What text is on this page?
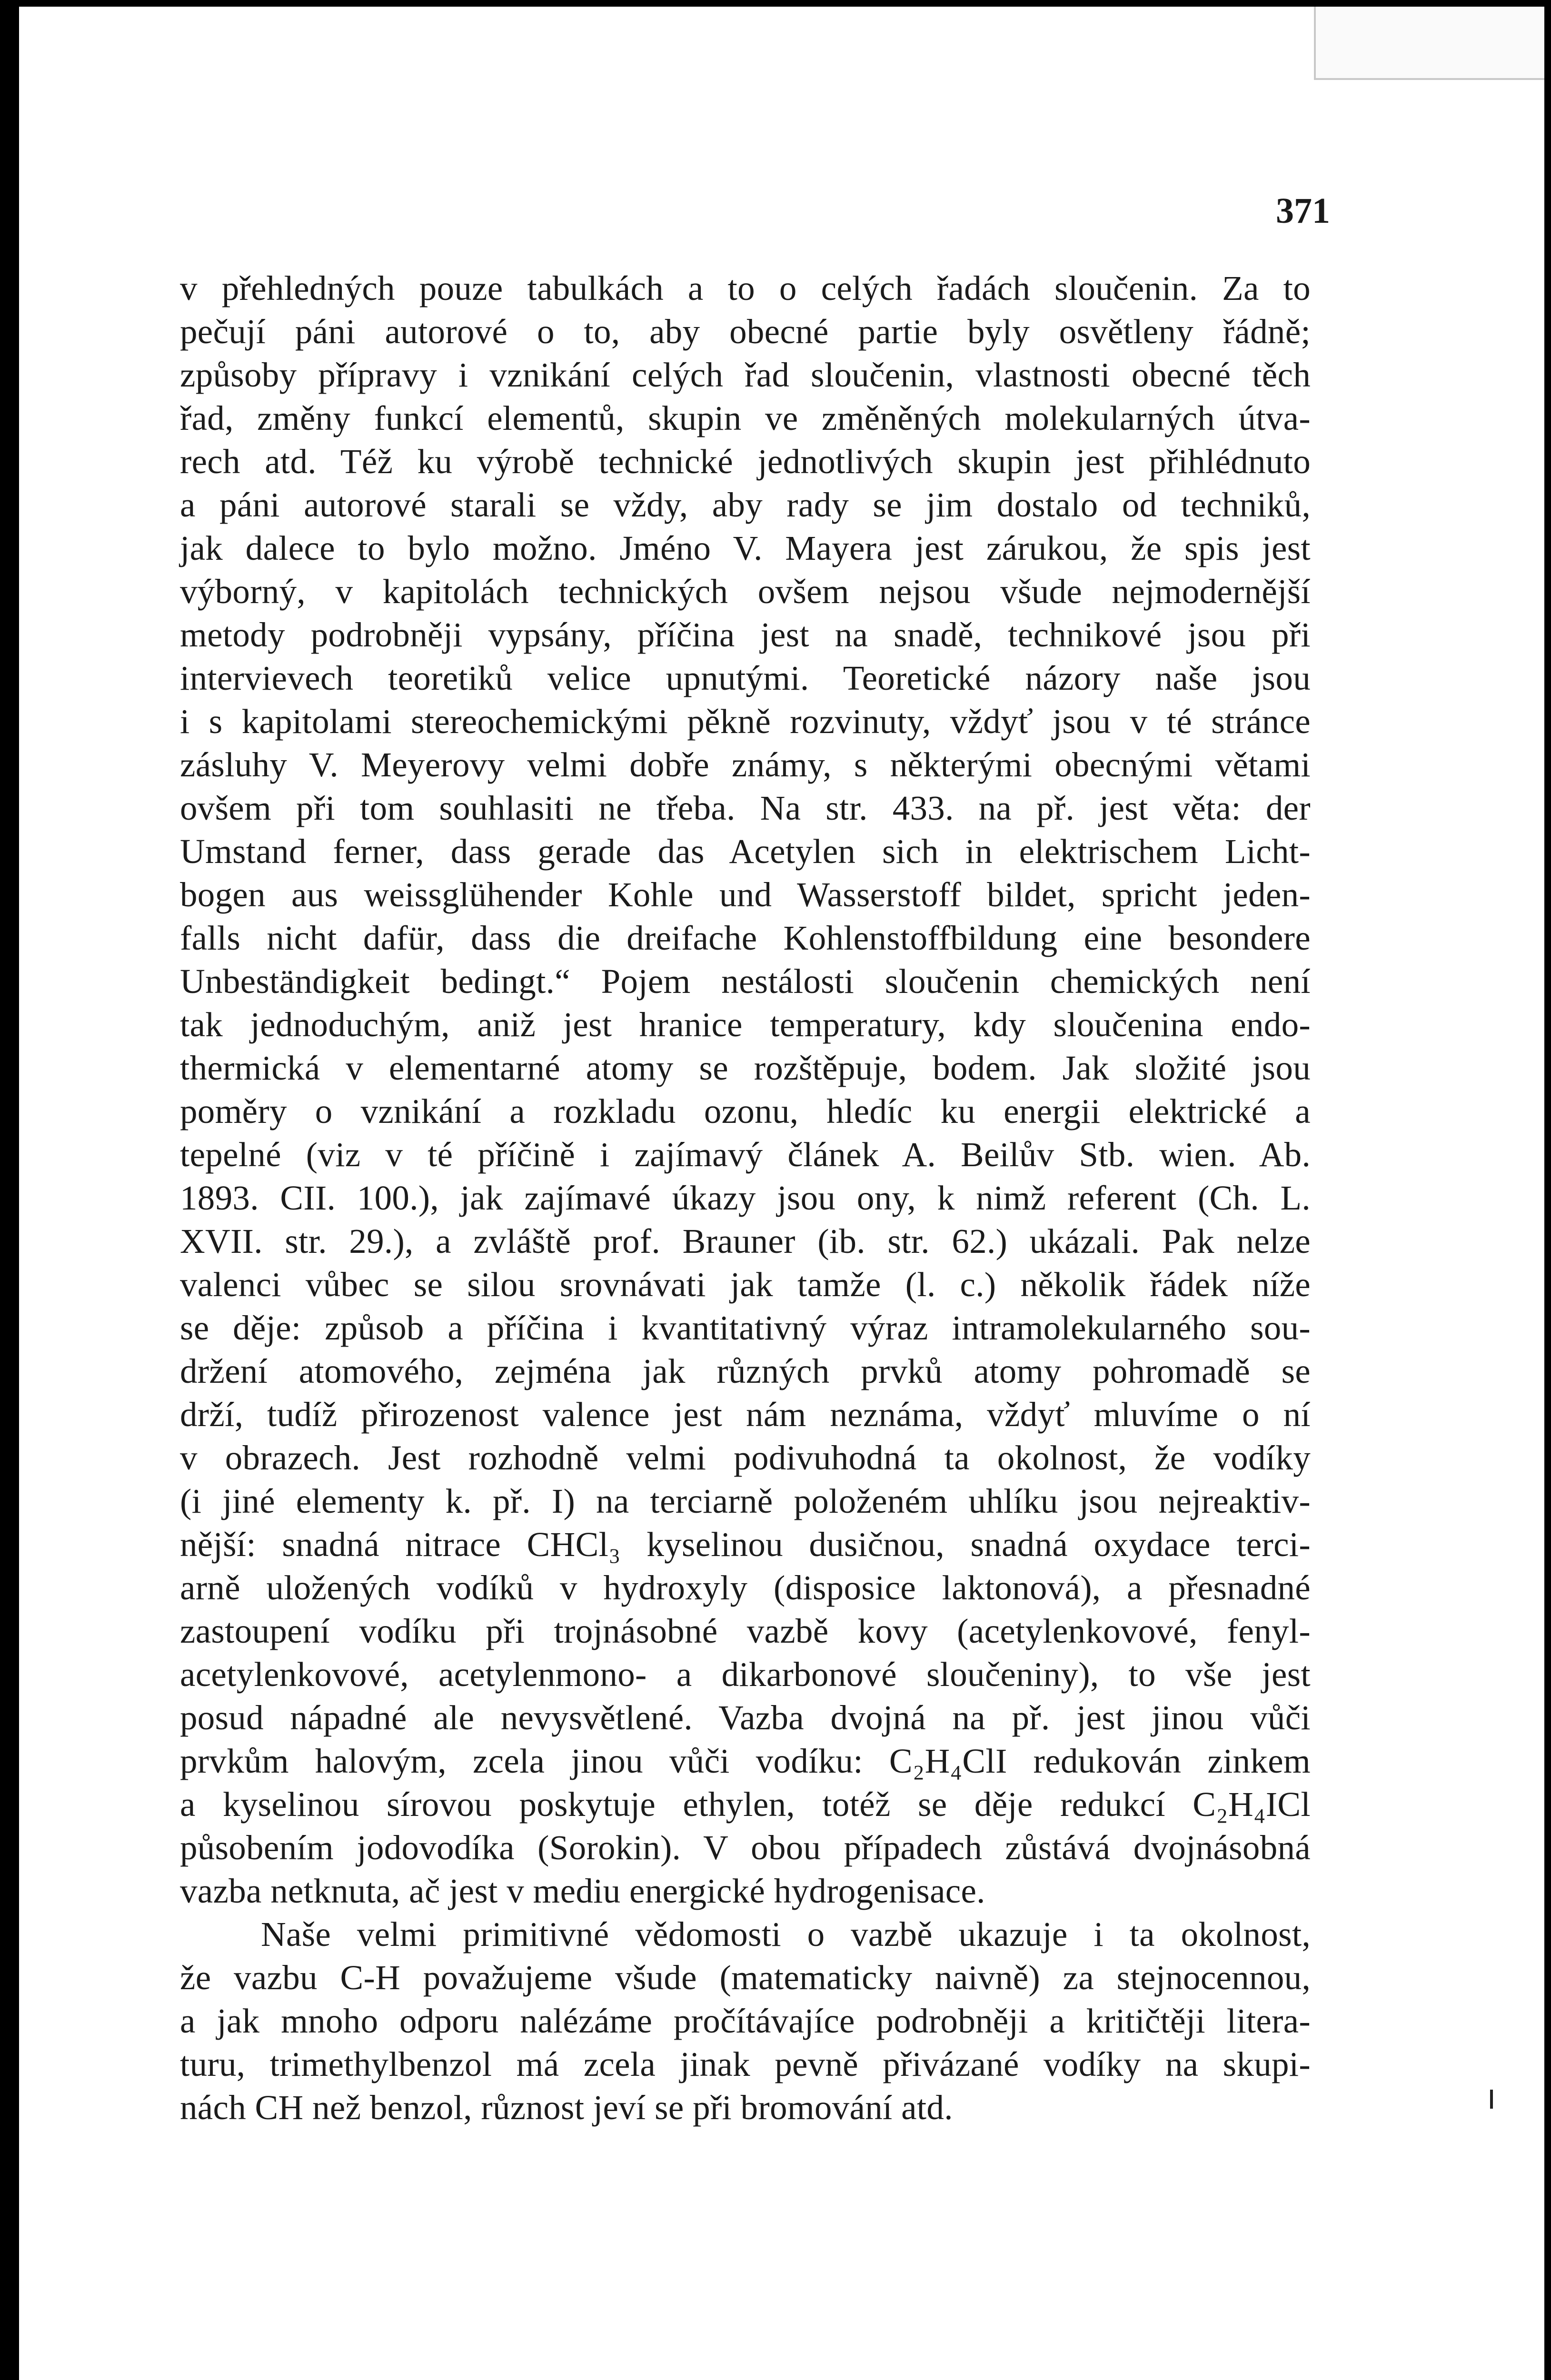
371

v přehledných pouze tabulkách a to o celých řadách sloučenin. Za to

pečují páni autorové o to, aby obecné partie byly osvětleny řádně;

způsoby přípravy i vznikání celých řad sloučenin, vlastnosti obecné těch

řad, změny funkcí elementů, skupin ve změněných molekularných útva-

rech atd. Též ku výrobě technické jednotlivých skupin jest přihlédnuto

a páni autorové starali se vždy, aby rady se jim dostalo od techniků,

jak dalece to bylo možno. Jméno V. Mayera jest zárukou, že spis jest

výborný, v kapitolách technických ovšem nejsou všude nejmodernější

metody podrobněji vypsány, příčina jest na snadě, technikové jsou při

intervievech teoretiků velice upnutými. Teoretické názory naše jsou

i s kapitolami stereochemickými pěkně rozvinuty, vždyť jsou v té stránce

zásluhy V. Meyerovy velmi dobře známy, s některými obecnými větami

ovšem při tom souhlasiti ne třeba. Na str. 433. na př. jest věta: der

Umstand ferner, dass gerade das Acetylen sich in elektrischem Licht-

bogen aus weissglühender Kohle und Wasserstoff bildet, spricht jeden-

falls nicht dafür, dass die dreifache Kohlenstoffbildung eine besondere

Unbeständigkeit bedingt.“ Pojem nestálosti sloučenin chemických není

tak jednoduchým, aniž jest hranice temperatury, kdy sloučenina endo-

thermická v elementarné atomy se rozštěpuje, bodem. Jak složité jsou

poměry o vznikání a rozkladu ozonu, hledíc ku energii elektrické a

tepelné (viz v té příčině i zajímavý článek A. Beilův Stb. wien. Ab.

1893. CII. 100.), jak zajímavé úkazy jsou ony, k nimž referent (Ch. L.

XVII. str. 29.), a zvláště prof. Brauner (ib. str. 62.) ukázali. Pak nelze

valenci vůbec se silou srovnávati jak tamže (l. c.) několik řádek níže

se děje: způsob a příčina i kvantitativný výraz intramolekularného sou-

držení atomového, zejména jak různých prvků atomy pohromadě se

drží, tudíž přirozenost valence jest nám neznáma, vždyť mluvíme o ní

v obrazech. Jest rozhodně velmi podivuhodná ta okolnost, že vodíky

(i jiné elementy k. př. I) na terciarně položeném uhlíku jsou nejreaktiv-

nější: snadná nitrace CHCl₃ kyselinou dusičnou, snadná oxydace terci-

arně uložených vodíků v hydroxyly (disposice laktonová), a přesnadné

zastoupení vodíku při trojnásobné vazbě kovy (acetylenkovové, fenyl-

acetylenkovové, acetylenmono- a dikarbonové sloučeniny), to vše jest

posud nápadné ale nevysvětlené. Vazba dvojná na př. jest jinou vůči

prvkům halovým, zcela jinou vůči vodíku: C₂H₄ClI redukován zinkem

a kyselinou sírovou poskytuje ethylen, totéž se děje redukcí C₂H₄ICl

působením jodovodíka (Sorokin). V obou případech zůstává dvojnásobná

vazba netknuta, ač jest v mediu energické hydrogenisace.

Naše velmi primitivné vědomosti o vazbě ukazuje i ta okolnost,

že vazbu C-H považujeme všude (matematicky naivně) za stejnocennou,

a jak mnoho odporu nalézáme pročítávajíce podrobněji a kritičtěji litera-

turu, trimethylbenzol má zcela jinak pevně přivázané vodíky na skupi-

nách CH než benzol, různost jeví se při bromování atd.
